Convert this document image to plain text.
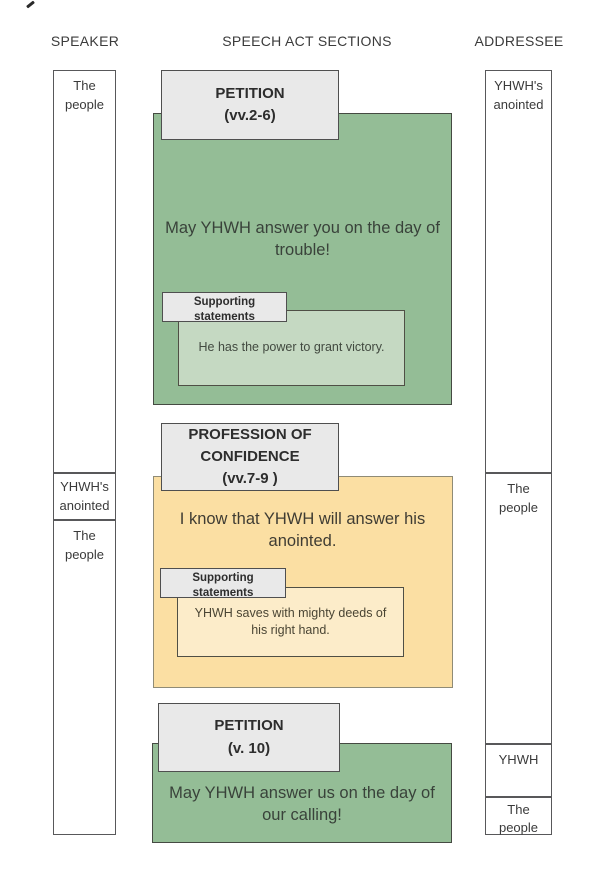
SPEAKER	SPEECH ACT SECTIONS	ADDRESSEE
The people
YHWH's anointed
The people
YHWH's anointed
The people
YHWH
The people
PETITION
(vv.2-6)
May YHWH answer you on the day of trouble!
Supporting
statements
He has the power to grant victory.
PROFESSION OF
CONFIDENCE
(vv.7-9 )
I know that YHWH will answer his anointed.
Supporting
statements
YHWH saves with mighty deeds of his right hand.
PETITION
(v. 10)
May YHWH answer us on the day of our calling!
